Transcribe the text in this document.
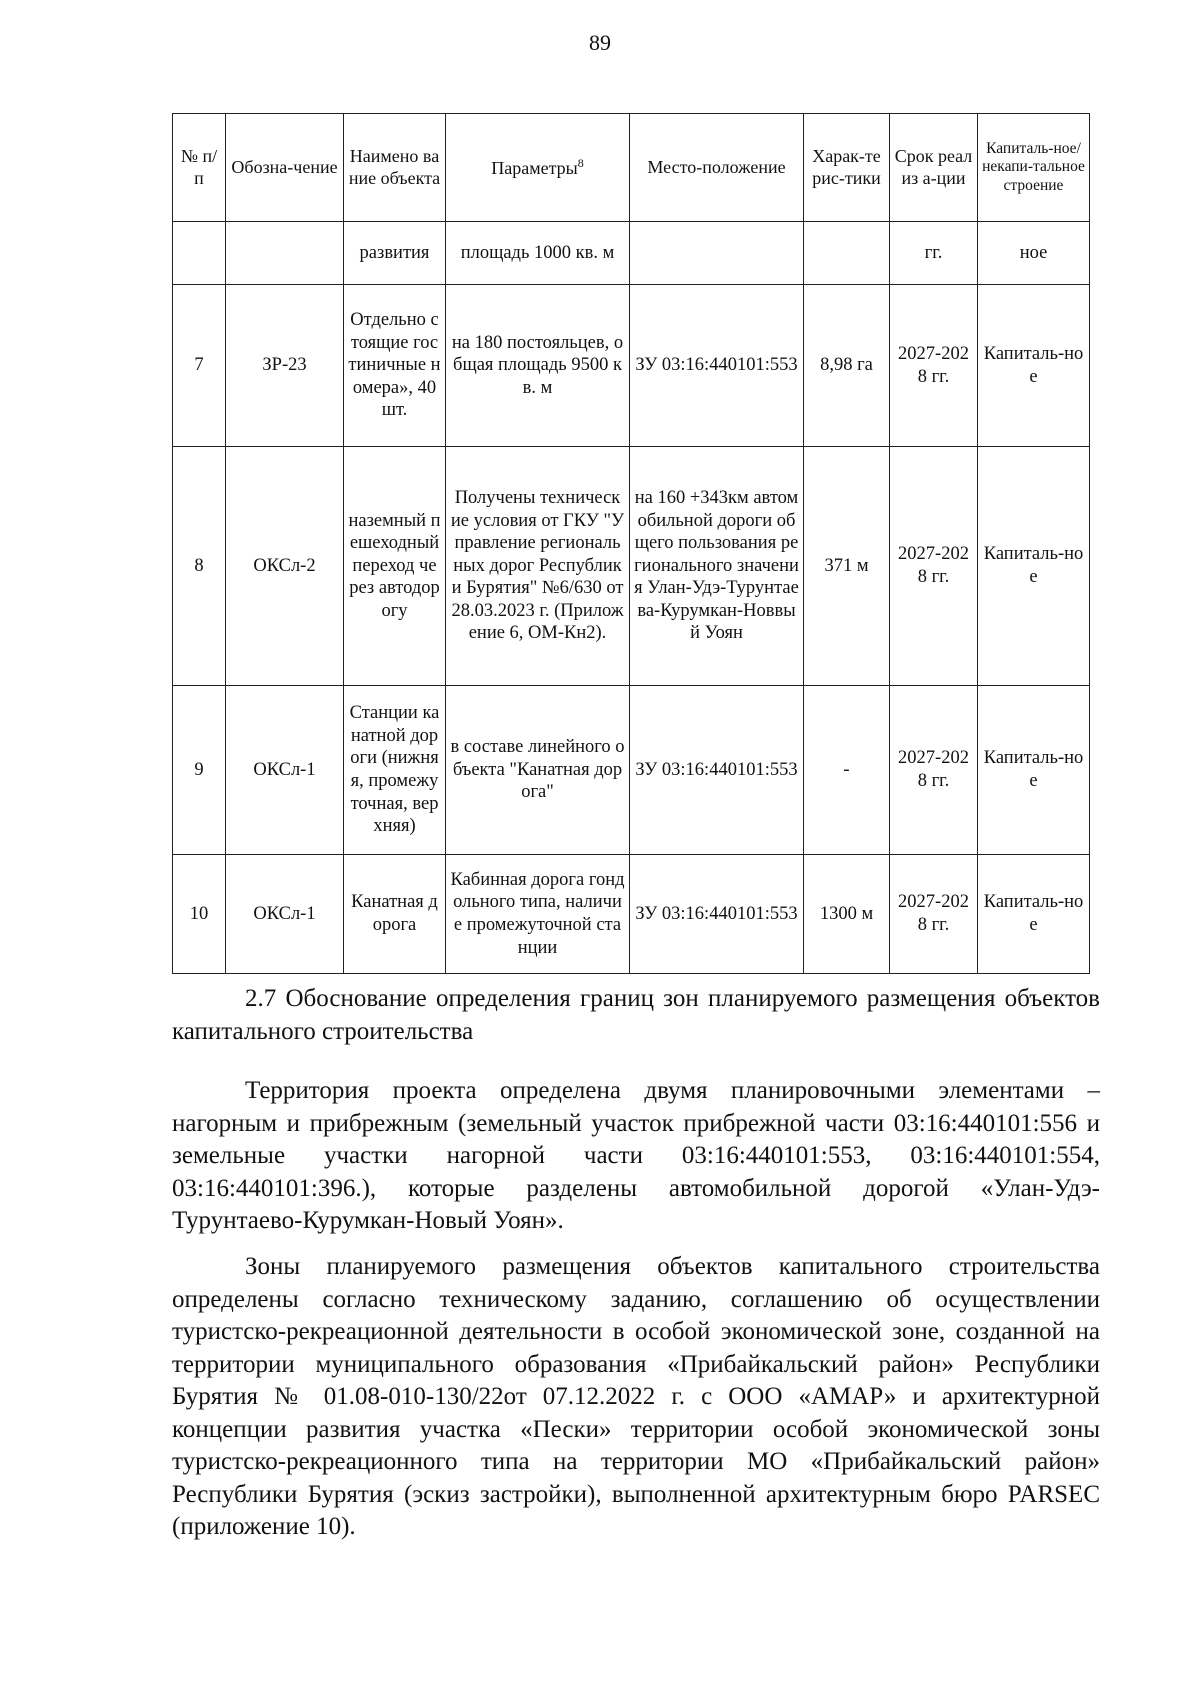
89
№ п/п	Обозна-чение	Наимено вание объекта	Параметры$^8$	Место-положение	Харак-терис-тики	Срок реализ а-ции	Капиталь-ное/ некапи-тальное строение
		развития	площадь 1000 кв. м			гг.	ное
7	ЗР-23	Отдельно стоящие гостиничные номера», 40 шт.	на 180 постояльцев, общая площадь 9500 кв. м	ЗУ 03:16:440101:553	8,98 га	2027-2028 гг.	Капиталь-ное
8	ОКСл-2	наземный пешеходный переход через автодорогу	Получены технические условия от ГКУ "Управление региональных дорог Республики Бурятия" №6/630 от 28.03.2023 г. (Приложение 6, ОМ-Кн2).	на 160 +343км автомобильной дороги общего пользования регионального значения Улан-Удэ-Турунтаева-Курумкан-Новвый Уоян	371 м	2027-2028 гг.	Капиталь-ное
9	ОКСл-1	Станции канатной дороги (нижняя, промежуточная, верхняя)	в составе линейного объекта "Канатная дорога"	ЗУ 03:16:440101:553	-	2027-2028 гг.	Капиталь-ное
10	ОКСл-1	Канатная дорога	Кабинная дорога гондольного типа, наличие промежуточной станции	ЗУ 03:16:440101:553	1300 м	2027-2028 гг.	Капиталь-ное

2.7 Обоснование определения границ зон планируемого размещения объектов капитального строительства

Территория проекта определена двумя планировочными элементами – нагорным и прибрежным (земельный участок прибрежной части 03:16:440101:556 и земельные участки нагорной части 03:16:440101:553, 03:16:440101:554, 03:16:440101:396.), которые разделены автомобильной дорогой «Улан-Удэ-Турунтаево-Курумкан-Новый Уоян».

Зоны планируемого размещения объектов капитального строительства определены согласно техническому заданию, соглашению об осуществлении туристско-рекреационной деятельности в особой экономической зоне, созданной на территории муниципального образования «Прибайкальский район» Республики Бурятия № 01.08-010-130/22от 07.12.2022 г. с ООО «АМАР» и архитектурной концепции развития участка «Пески» территории особой экономической зоны туристско-рекреационного типа на территории МО «Прибайкальский район» Республики Бурятия (эскиз застройки), выполненной архитектурным бюро PARSEC (приложение 10).
